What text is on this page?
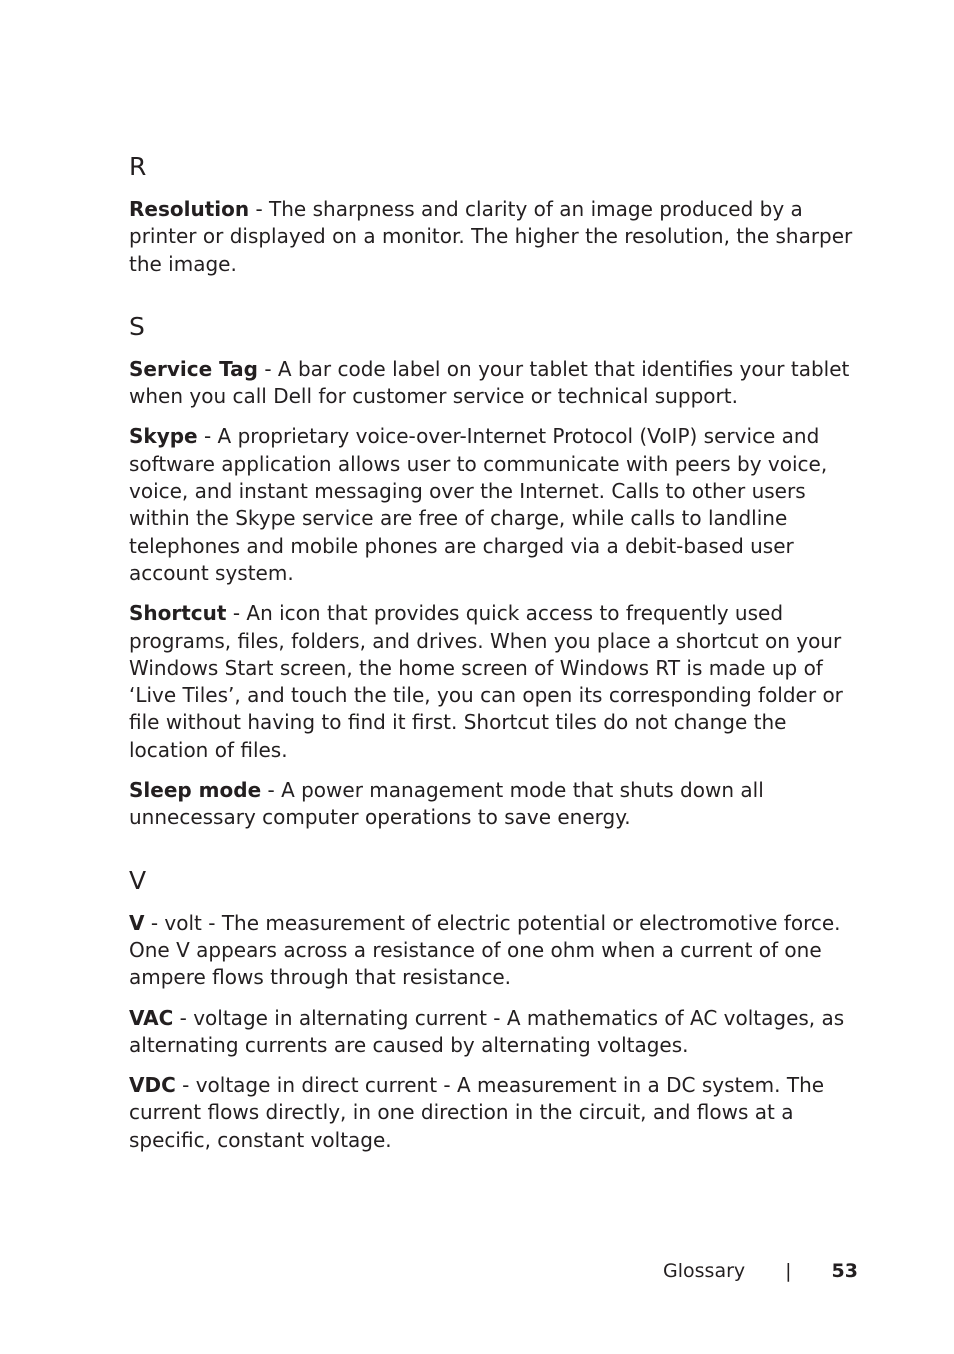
R

Resolution - The sharpness and clarity of an image produced by a printer or displayed on a monitor. The higher the resolution, the sharper the image.

S

Service Tag - A bar code label on your tablet that identifies your tablet when you call Dell for customer service or technical support.

Skype - A proprietary voice-over-Internet Protocol (VoIP) service and software application allows user to communicate with peers by voice, voice, and instant messaging over the Internet. Calls to other users within the Skype service are free of charge, while calls to landline telephones and mobile phones are charged via a debit-based user account system.

Shortcut - An icon that provides quick access to frequently used programs, files, folders, and drives. When you place a shortcut on your Windows Start screen, the home screen of Windows RT is made up of ‘Live Tiles’, and touch the tile, you can open its corresponding folder or file without having to find it first. Shortcut tiles do not change the location of files.

Sleep mode - A power management mode that shuts down all unnecessary computer operations to save energy.

V

V - volt - The measurement of electric potential or electromotive force. One V appears across a resistance of one ohm when a current of one ampere flows through that resistance.

VAC - voltage in alternating current - A mathematics of AC voltages, as alternating currents are caused by alternating voltages.

VDC - voltage in direct current - A measurement in a DC system. The current flows directly, in one direction in the circuit, and flows at a specific, constant voltage.

Glossary | 53
